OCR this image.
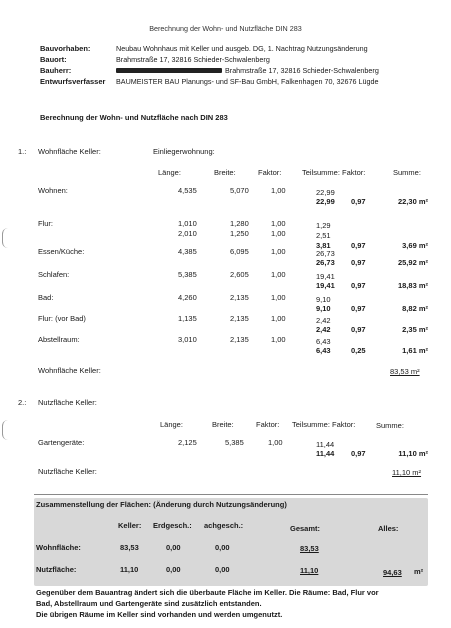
Berechnung der Wohn- und Nutzfläche DIN 283
Bauvorhaben:	Neubau Wohnhaus mit Keller und ausgeb. DG, 1. Nachtrag Nutzungsänderung
Bauort:	Brahmstraße 17, 32816 Schieder-Schwalenberg
Bauherr:	Brahmstraße 17, 32816 Schieder-Schwalenberg
Entwurfsverfasser BAUMEISTER BAU Planungs- und SF-Bau GmbH, Falkenhagen 70, 32676 Lügde
Berechnung der Wohn- und Nutzfläche nach DIN 283
1.: Wohnfläche Keller:	Einliegerwohnung:
Länge:	Breite:	Faktor:	Teilsumme: Faktor:	Summe:
Wohnen:	4,535	5,070	1,00	22,99
22,99 0,97	22,30 m²
Flur:	1,010	1,280	1,00	1,29
2,010	1,250	1,00	2,51
3,81	0,97	3,69 m²
Essen/Küche:	4,385	6,095	1,00	26,73
26,73 0,97	25,92 m²
Schlafen:	5,385	2,605	1,00	19,41
19,41 0,97	18,83 m²
Bad:	4,260	2,135	1,00	9,10
9,10	0,97	8,82 m²
Flur: (vor Bad)	1,135	2,135	1,00	2,42
2,42	0,97	2,35 m²
Abstellraum:	3,010	2,135	1,00	6,43
6,43	0,25	1,61 m²
Wohnfläche Keller:	83,53 m²
2.: Nutzfläche Keller:
Länge:	Breite:	Faktor: Teilsumme: Faktor:	Summe:
Gartengeräte:	2,125	5,385	1,00	11,44
11,44 0,97	11,10 m²
Nutzfläche Keller:	11,10 m²
Zusammenstellung der Flächen: (Änderung durch Nutzungsänderung)
Keller: Erdgesch.: achgesch.:	Gesamt:	Alles:
Wohnfläche:	83,53	0,00	0,00	83,53
Nutzfläche:	11,10	0,00	0,00	11,10	94,63 m²
Gegenüber dem Bauantrag ändert sich die überbaute Fläche im Keller. Die Räume: Bad, Flur vor
Bad, Abstellraum und Gartengeräte sind zusätzlich entstanden.
Die übrigen Räume im Keller sind vorhanden und werden umgenutzt.
